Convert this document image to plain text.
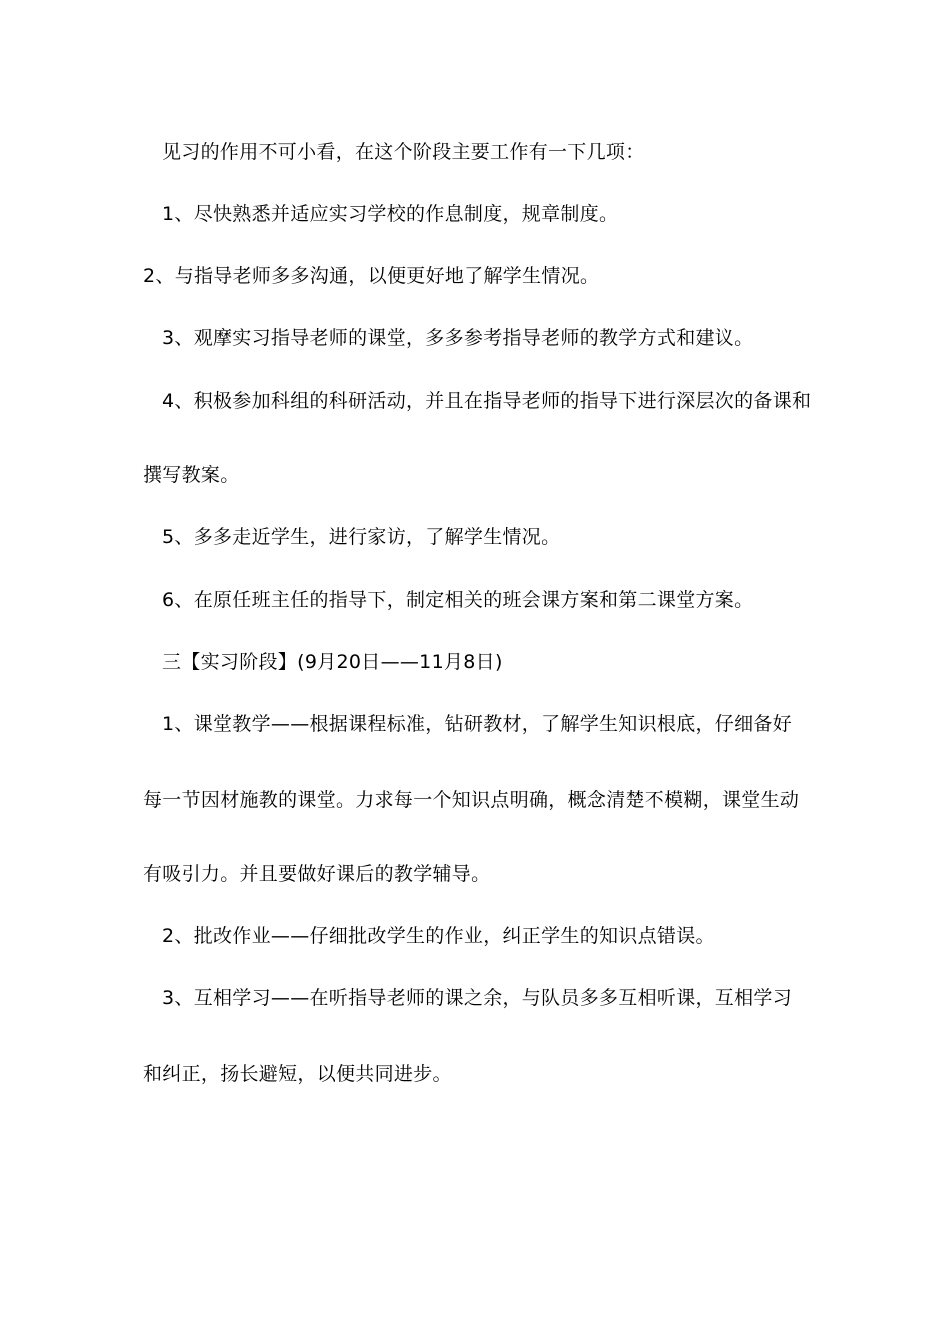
见习的作用不可小看，在这个阶段主要工作有一下几项：

1、尽快熟悉并适应实习学校的作息制度，规章制度。

2、与指导老师多多沟通，以便更好地了解学生情况。

3、观摩实习指导老师的课堂，多多参考指导老师的教学方式和建议。

4、积极参加科组的科研活动，并且在指导老师的指导下进行深层次的备课和

撰写教案。

5、多多走近学生，进行家访，了解学生情况。

6、在原任班主任的指导下，制定相关的班会课方案和第二课堂方案。

三【实习阶段】(9月20日——11月8日)

1、课堂教学——根据课程标准，钻研教材，了解学生知识根底，仔细备好

每一节因材施教的课堂。力求每一个知识点明确，概念清楚不模糊，课堂生动

有吸引力。并且要做好课后的教学辅导。

2、批改作业——仔细批改学生的作业，纠正学生的知识点错误。

3、互相学习——在听指导老师的课之余，与队员多多互相听课，互相学习

和纠正，扬长避短，以便共同进步。
